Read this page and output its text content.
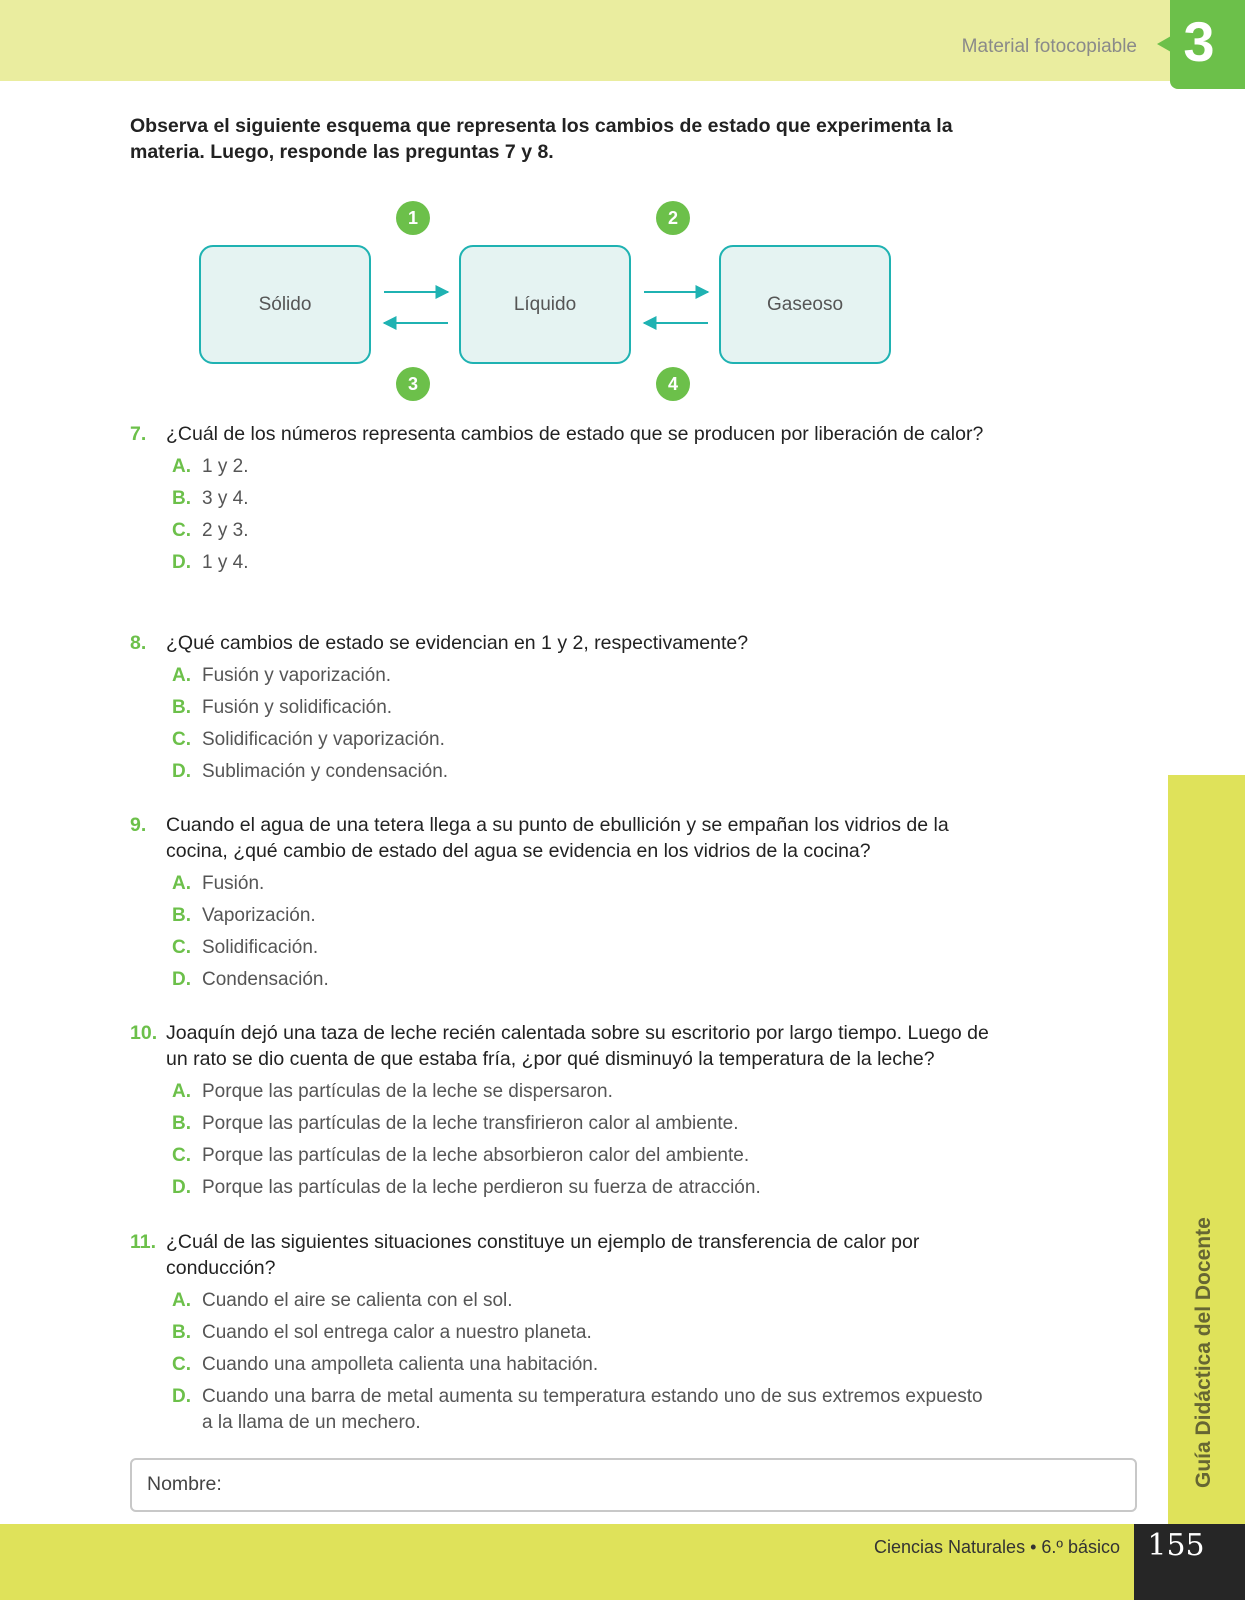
Material fotocopiable 3
Guía Didáctica del Docente
Ciencias Naturales • 6.º básico 155
Observa el siguiente esquema que representa los cambios de estado que experimenta la materia. Luego, responde las preguntas 7 y 8.
Sólido	Líquido	Gaseoso
1	2
3	4
7. ¿Cuál de los números representa cambios de estado que se producen por liberación de calor?
A. 1 y 2.
B. 3 y 4.
C. 2 y 3.
D. 1 y 4.
8. ¿Qué cambios de estado se evidencian en 1 y 2, respectivamente?
A. Fusión y vaporización.
B. Fusión y solidificación.
C. Solidificación y vaporización.
D. Sublimación y condensación.
9. Cuando el agua de una tetera llega a su punto de ebullición y se empañan los vidrios de la cocina, ¿qué cambio de estado del agua se evidencia en los vidrios de la cocina?
A. Fusión.
B. Vaporización.
C. Solidificación.
D. Condensación.
10. Joaquín dejó una taza de leche recién calentada sobre su escritorio por largo tiempo. Luego de un rato se dio cuenta de que estaba fría, ¿por qué disminuyó la temperatura de la leche?
A. Porque las partículas de la leche se dispersaron.
B. Porque las partículas de la leche transfirieron calor al ambiente.
C. Porque las partículas de la leche absorbieron calor del ambiente.
D. Porque las partículas de la leche perdieron su fuerza de atracción.
11. ¿Cuál de las siguientes situaciones constituye un ejemplo de transferencia de calor por conducción?
A. Cuando el aire se calienta con el sol.
B. Cuando el sol entrega calor a nuestro planeta.
C. Cuando una ampolleta calienta una habitación.
D. Cuando una barra de metal aumenta su temperatura estando uno de sus extremos expuesto a la llama de un mechero.
Nombre:
